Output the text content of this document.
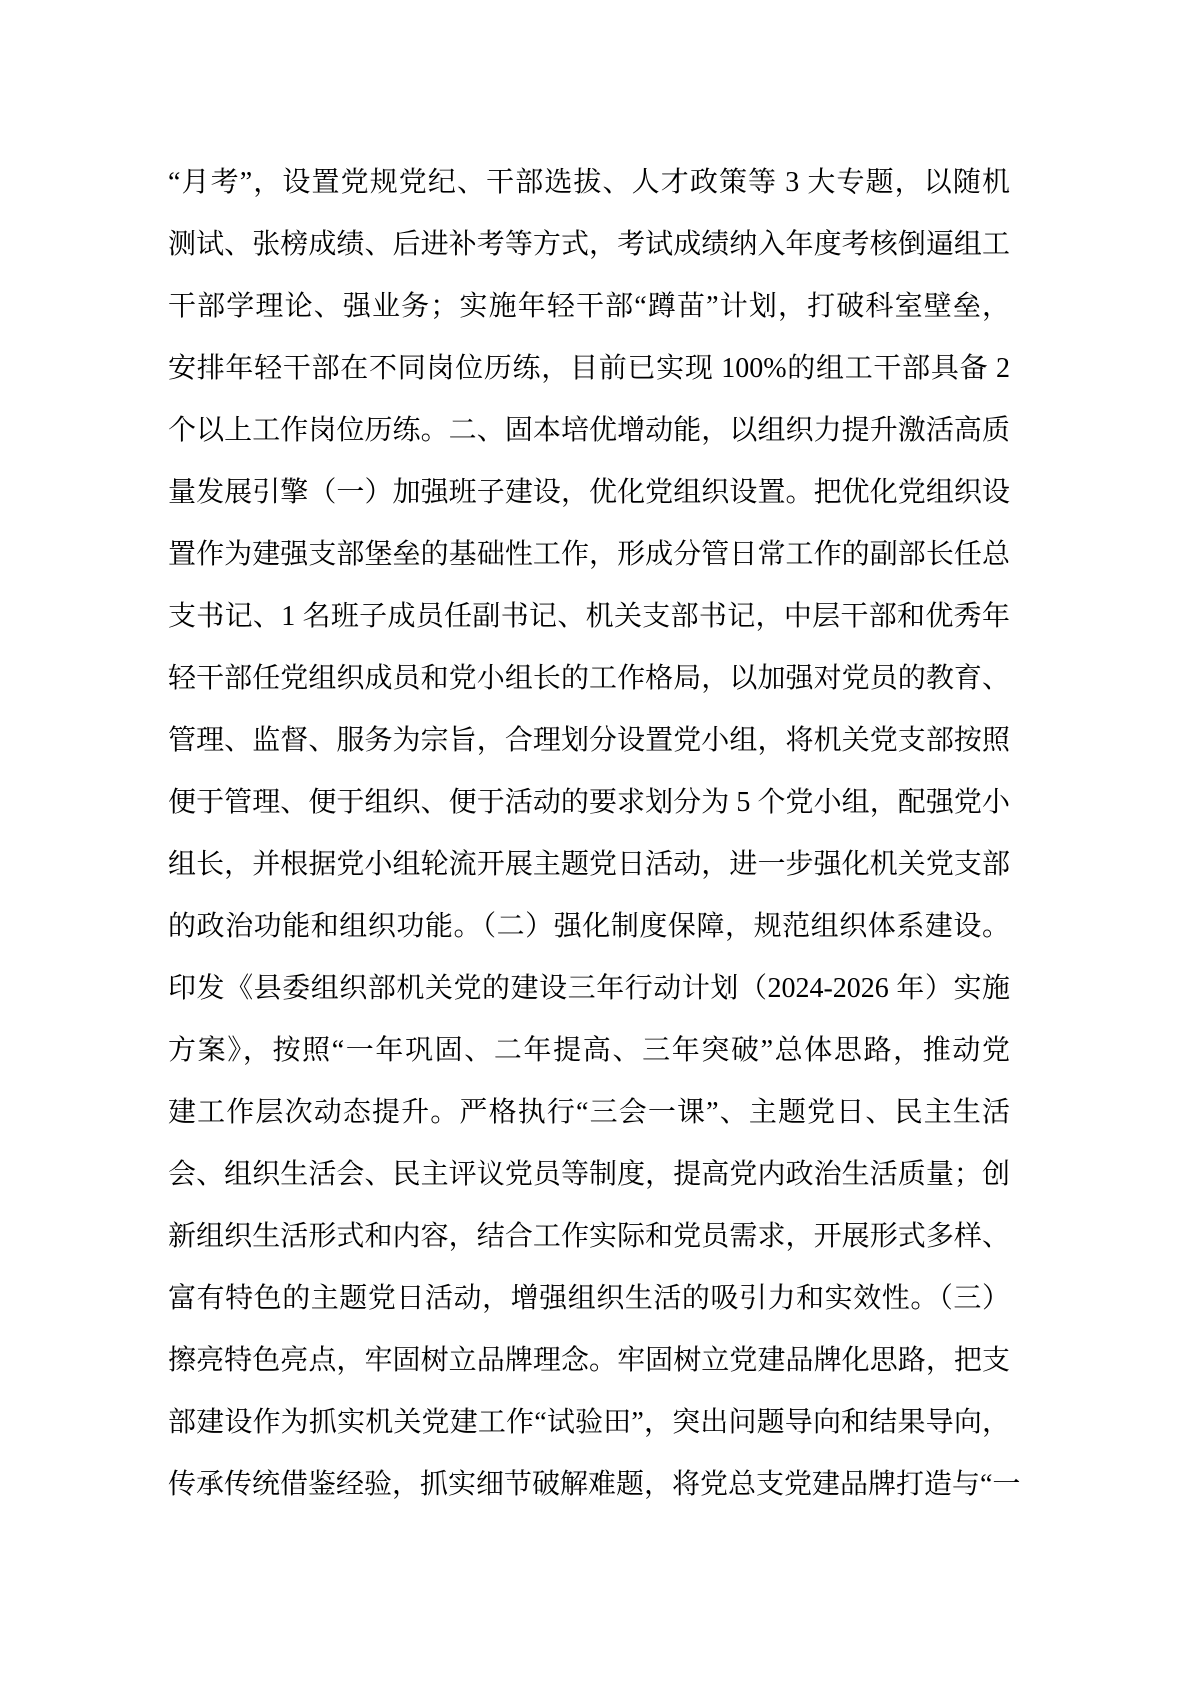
“月考”，设置党规党纪、干部选拔、人才政策等 3 大专题，以随机
测试、张榜成绩、后进补考等方式，考试成绩纳入年度考核倒逼组工
干部学理论、强业务；实施年轻干部“蹲苗”计划，打破科室壁垒，
安排年轻干部在不同岗位历练，目前已实现 100%的组工干部具备 2
个以上工作岗位历练。二、固本培优增动能，以组织力提升激活高质
量发展引擎（一）加强班子建设，优化党组织设置。把优化党组织设
置作为建强支部堡垒的基础性工作，形成分管日常工作的副部长任总
支书记、1 名班子成员任副书记、机关支部书记，中层干部和优秀年
轻干部任党组织成员和党小组长的工作格局，以加强对党员的教育、
管理、监督、服务为宗旨，合理划分设置党小组，将机关党支部按照
便于管理、便于组织、便于活动的要求划分为 5 个党小组，配强党小
组长，并根据党小组轮流开展主题党日活动，进一步强化机关党支部
的政治功能和组织功能。（二）强化制度保障，规范组织体系建设。
印发《县委组织部机关党的建设三年行动计划（2024-2026 年）实施
方案》，按照“一年巩固、二年提高、三年突破”总体思路，推动党
建工作层次动态提升。严格执行“三会一课”、主题党日、民主生活
会、组织生活会、民主评议党员等制度，提高党内政治生活质量；创
新组织生活形式和内容，结合工作实际和党员需求，开展形式多样、
富有特色的主题党日活动，增强组织生活的吸引力和实效性。（三）
擦亮特色亮点，牢固树立品牌理念。牢固树立党建品牌化思路，把支
部建设作为抓实机关党建工作“试验田”，突出问题导向和结果导向，
传承传统借鉴经验，抓实细节破解难题，将党总支党建品牌打造与“一
